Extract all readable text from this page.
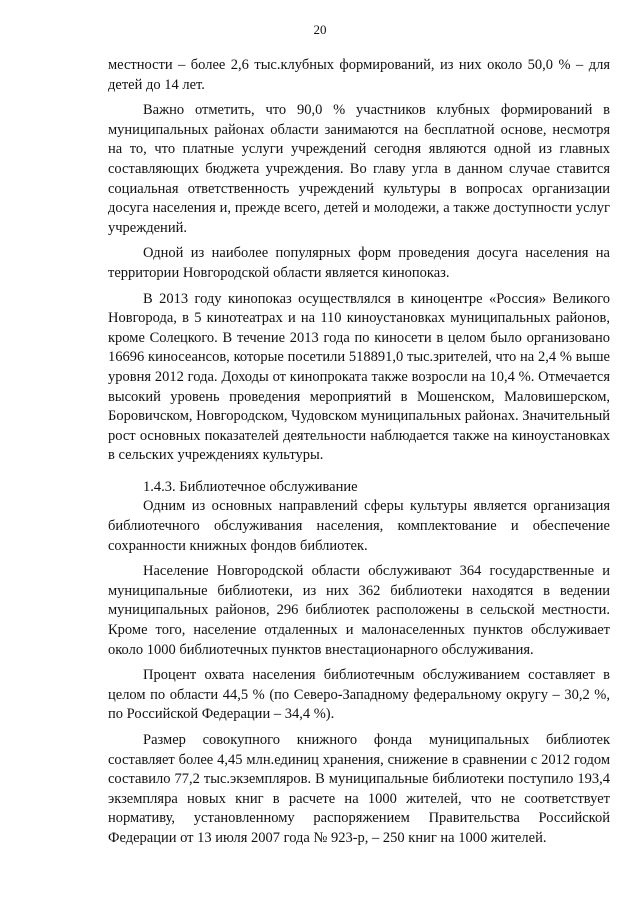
20

местности – более 2,6 тыс.клубных формирований, из них около 50,0 % – для детей до 14 лет.

Важно отметить, что 90,0 % участников клубных формирований в муниципальных районах области занимаются на бесплатной основе, несмотря на то, что платные услуги учреждений сегодня являются одной из главных составляющих бюджета учреждения. Во главу угла в данном случае ставится социальная ответственность учреждений культуры в вопросах организации досуга населения и, прежде всего, детей и молодежи, а также доступности услуг учреждений.

Одной из наиболее популярных форм проведения досуга населения на территории Новгородской области является кинопоказ.

В 2013 году кинопоказ осуществлялся в киноцентре «Россия» Великого Новгорода, в 5 кинотеатрах и на 110 киноустановках муниципальных районов, кроме Солецкого. В течение 2013 года по киносети в целом было организовано 16696 киносеансов, которые посетили 518891,0 тыс.зрителей, что на 2,4 % выше уровня 2012 года. Доходы от кинопроката также возросли на 10,4 %. Отмечается высокий уровень проведения мероприятий в Мошенском, Маловишерском, Боровичском, Новгородском, Чудовском муниципальных районах. Значительный рост основных показателей деятельности наблюдается также на киноустановках в сельских учреждениях культуры.

1.4.3. Библиотечное обслуживание

Одним из основных направлений сферы культуры является организация библиотечного обслуживания населения, комплектование и обеспечение сохранности книжных фондов библиотек.

Население Новгородской области обслуживают 364 государственные и муниципальные библиотеки, из них 362 библиотеки находятся в ведении муниципальных районов, 296 библиотек расположены в сельской местности. Кроме того, население отдаленных и малонаселенных пунктов обслуживает около 1000 библиотечных пунктов внестационарного обслуживания.

Процент охвата населения библиотечным обслуживанием составляет в целом по области 44,5 % (по Северо-Западному федеральному округу – 30,2 %, по Российской Федерации – 34,4 %).

Размер совокупного книжного фонда муниципальных библиотек составляет более 4,45 млн.единиц хранения, снижение в сравнении с 2012 годом составило 77,2 тыс.экземпляров. В муниципальные библиотеки поступило 193,4 экземпляра новых книг в расчете на 1000 жителей, что не соответствует нормативу, установленному распоряжением Правительства Российской Федерации от 13 июля 2007 года № 923-р, – 250 книг на 1000 жителей.
